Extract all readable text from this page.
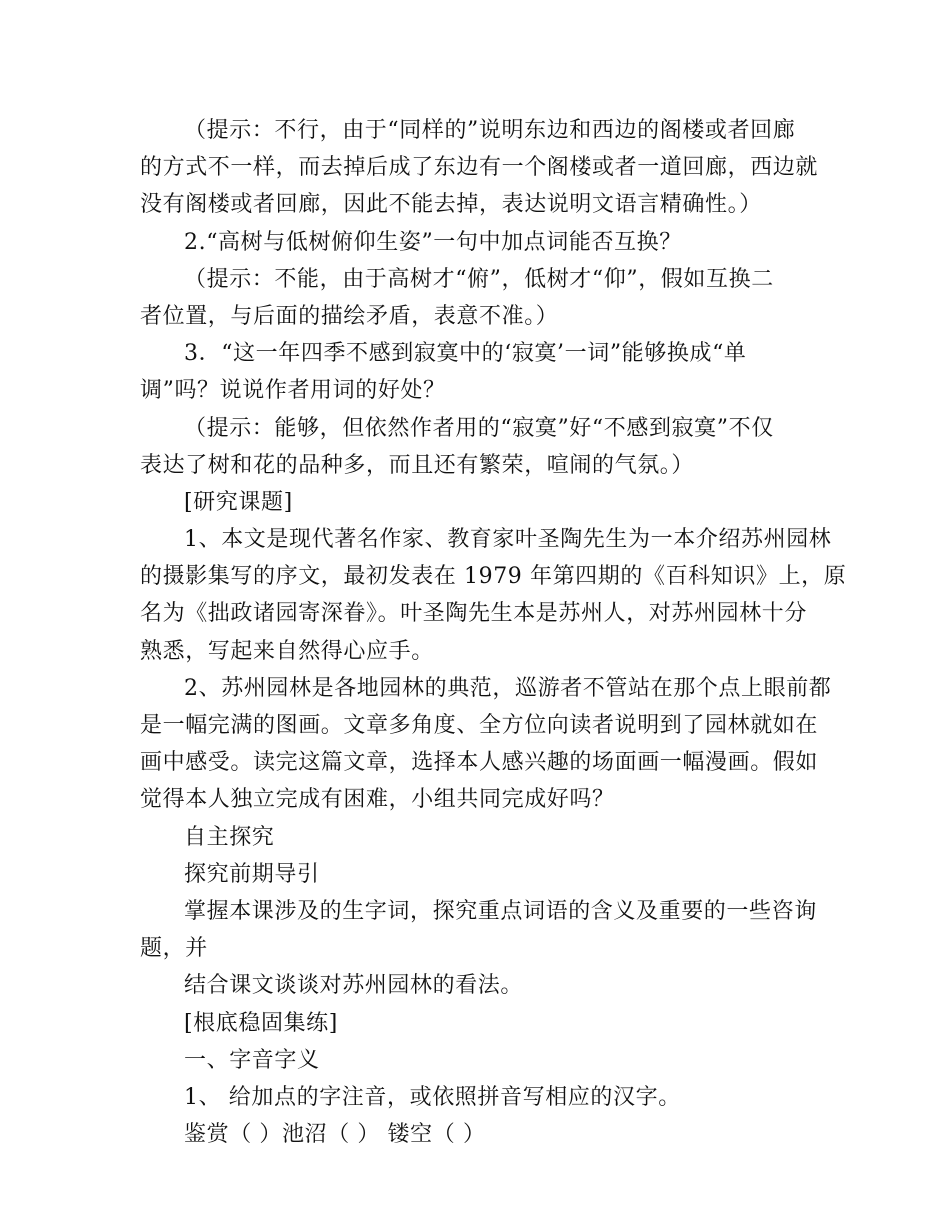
（提示：不行，由于“同样的”说明东边和西边的阁楼或者回廊
的方式不一样，而去掉后成了东边有一个阁楼或者一道回廊，西边就
没有阁楼或者回廊，因此不能去掉，表达说明文语言精确性。）
2.“高树与低树俯仰生姿”一句中加点词能否互换？
（提示：不能，由于高树才“俯”，低树才“仰”，假如互换二
者位置，与后面的描绘矛盾，表意不准。）
3．“这一年四季不感到寂寞中的‘寂寞’一词”能够换成“单
调”吗？说说作者用词的好处？
（提示：能够，但依然作者用的“寂寞”好“不感到寂寞”不仅
表达了树和花的品种多，而且还有繁荣，喧闹的气氛。）
[研究课题]
1、本文是现代著名作家、教育家叶圣陶先生为一本介绍苏州园林
的摄影集写的序文，最初发表在 1979 年第四期的《百科知识》上，原
名为《拙政诸园寄深眷》。叶圣陶先生本是苏州人，对苏州园林十分
熟悉，写起来自然得心应手。
2、苏州园林是各地园林的典范，巡游者不管站在那个点上眼前都
是一幅完满的图画。文章多角度、全方位向读者说明到了园林就如在
画中感受。读完这篇文章，选择本人感兴趣的场面画一幅漫画。假如
觉得本人独立完成有困难，小组共同完成好吗？
自主探究
探究前期导引
掌握本课涉及的生字词，探究重点词语的含义及重要的一些咨询
题，并
结合课文谈谈对苏州园林的看法。
[根底稳固集练]
一、字音字义
1、 给加点的字注音，或依照拼音写相应的汉字。
鉴赏（ ）池沼（ ） 镂空（ ）
